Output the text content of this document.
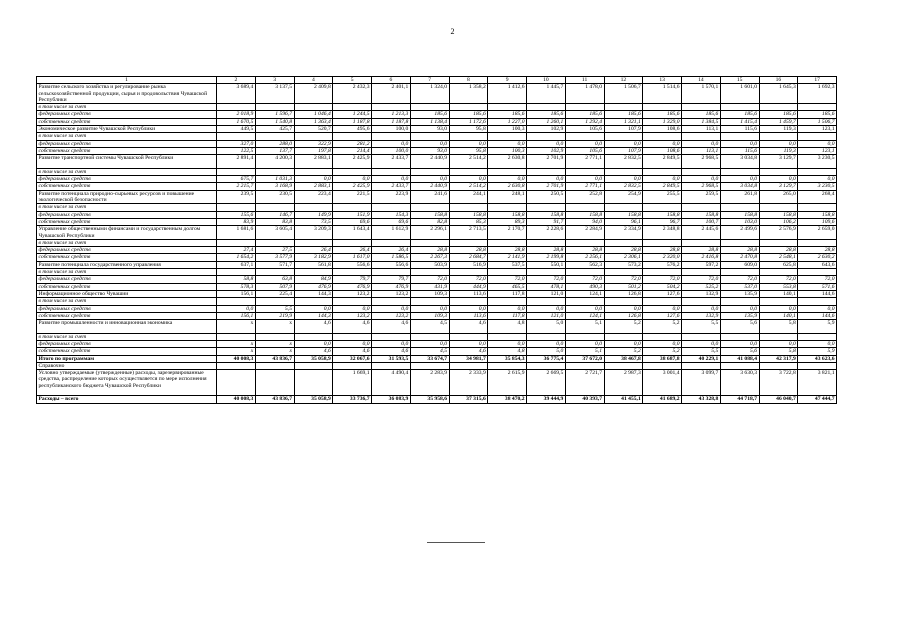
2
1	2	3	4	5	6	7	8	9	10	11	12	13	14	15	16	17
Развитие сельского хозяйства и регулирование рынка сельскохозяйственной продукции, сырья и продовольствия Чувашской Республики	3 689,4	3 137,5	2 409,8	2 432,3	2 401,1	1 324,0	1 358,2	1 412,6	1 445,7	1 478,0	1 506,7	1 514,6	1 570,1	1 601,0	1 645,3	1 692,3
в том числе за счет																
федеральных средств	2 018,9	1 596,7	1 046,4	1 244,5	1 213,3	185,6	185,6	185,6	185,6	185,6	185,6	185,6	185,6	185,6	185,6	185,6
собственных средств	1 670,5	1 540,8	1 363,4	1 187,8	1 187,8	1 138,4	1 172,6	1 227,0	1 260,1	1 292,4	1 321,1	1 329,0	1 384,5	1 415,4	1 459,7	1 506,7
Экономическое развитие Чувашской Республики	449,5	425,7	520,7	495,6	100,0	93,0	95,8	100,3	102,9	105,6	107,9	108,6	113,1	115,6	119,3	123,1
в том числе за счет																
федеральных средств	327,0	288,0	322,9	281,2	0,0	0,0	0,0	0,0	0,0	0,0	0,0	0,0	0,0	0,0	0,0	0,0
собственных средств	122,5	137,7	197,8	214,4	100,0	93,0	95,8	100,3	102,9	105,6	107,9	108,6	113,1	115,6	119,3	123,1
Развитие транспортной системы Чувашской Республики	2 891,4	4 200,3	2 883,1	2 425,9	2 433,7	2 440,9	2 514,2	2 630,8	2 701,9	2 771,1	2 832,5	2 849,5	2 968,5	3 034,8	3 129,7	3 230,5
в том числе за счет																
федеральных средств	675,7	1 031,3	0,0	0,0	0,0	0,0	0,0	0,0	0,0	0,0	0,0	0,0	0,0	0,0	0,0	0,0
собственных средств	2 215,7	3 168,9	2 883,1	2 425,9	2 433,7	2 440,9	2 514,2	2 630,8	2 701,9	2 771,1	2 832,5	2 849,5	2 968,5	3 034,8	3 129,7	3 230,5
Развитие потенциала природно-сырьевых ресурсов и повышение экологической безопасности	239,5	230,5	223,4	221,5	223,9	241,6	244,1	248,1	250,5	252,8	254,9	255,5	259,5	261,8	265,0	268,4
в том числе за счет																
федеральных средств	155,6	146,7	149,9	151,9	154,3	158,8	158,8	158,8	158,8	158,8	158,8	158,8	158,8	158,8	158,8	158,8
собственных средств	83,9	83,8	73,5	69,6	69,6	82,8	85,3	89,3	91,7	94,0	96,1	96,7	100,7	103,0	106,2	109,6
Управление общественными финансами и государственным долгом Чувашской Республики	1 681,6	3 605,4	3 209,3	1 643,4	1 612,9	2 296,1	2 713,5	2 170,7	2 228,6	2 284,9	2 334,9	2 348,8	2 445,6	2 499,6	2 576,9	2 659,0
в том числе за счет																
федеральных средств	27,4	27,5	26,4	26,4	26,4	28,8	28,8	28,8	28,8	28,8	28,8	28,8	28,8	28,8	28,8	28,8
собственных средств	1 654,2	3 577,9	3 182,9	1 617,0	1 586,5	2 267,3	2 684,7	2 141,9	2 199,8	2 256,1	2 306,1	2 320,0	2 416,8	2 470,8	2 548,1	2 630,2
Развитие потенциала государственного управления	637,1	571,7	561,8	556,6	556,6	503,9	516,9	537,5	550,1	562,3	573,2	576,2	597,2	609,0	625,8	643,6
в том числе за счет																
федеральных средств	58,8	63,8	84,9	79,7	79,7	72,0	72,0	72,0	72,0	72,0	72,0	72,0	72,0	72,0	72,0	72,0
собственных средств	578,3	507,9	476,9	476,9	476,9	431,9	444,9	465,5	478,1	490,3	501,2	504,2	525,2	537,0	553,8	571,6
Информационное общество Чувашии	156,1	225,4	144,3	123,2	123,2	109,3	113,6	117,8	121,0	124,1	126,8	127,6	132,9	135,9	140,1	144,6
в том числе за счет																
федеральных средств	0,0	5,5	0,0	0,0	0,0	0,0	0,0	0,0	0,0	0,0	0,0	0,0	0,0	0,0	0,0	0,0
собственных средств	156,1	219,9	144,3	123,2	123,2	109,3	113,6	117,8	121,0	124,1	126,8	127,6	132,9	135,9	140,1	144,6
Развитие промышленности и инновационная экономика	x	x	4,6	4,6	4,6	4,5	4,6	4,8	5,0	5,1	5,2	5,2	5,5	5,6	5,8	5,9
в том числе за счет																
федеральных средств	x	x	0,0	0,0	0,0	0,0	0,0	0,0	0,0	0,0	0,0	0,0	0,0	0,0	0,0	0,0
собственных средств	x	x	4,6	4,6	4,6	4,5	4,6	4,8	5,0	5,1	5,2	5,2	5,5	5,6	5,8	5,9
Итого по программам	40 008,3	43 836,7	35 058,9	32 067,6	31 593,5	33 674,7	34 981,7	35 854,3	36 775,4	37 672,0	38 467,8	38 687,8	40 229,1	41 088,4	42 317,9	43 623,6
Справочно																
Условно утверждаемые (утвержденные) расходы, зарезервированные средства, распределение которых осуществляется по мере исполнения республиканского бюджета Чувашской Республики				1 669,1	4 490,4	2 283,9	2 333,9	2 615,9	2 669,5	2 721,7	2 987,3	3 001,4	3 099,7	3 630,3	3 722,8	3 821,1
Расходы – всего	40 008,3	43 836,7	35 058,9	33 736,7	36 083,9	35 958,6	37 315,6	38 470,2	39 444,9	40 393,7	41 455,1	41 689,2	43 328,8	44 718,7	46 040,7	47 444,7
